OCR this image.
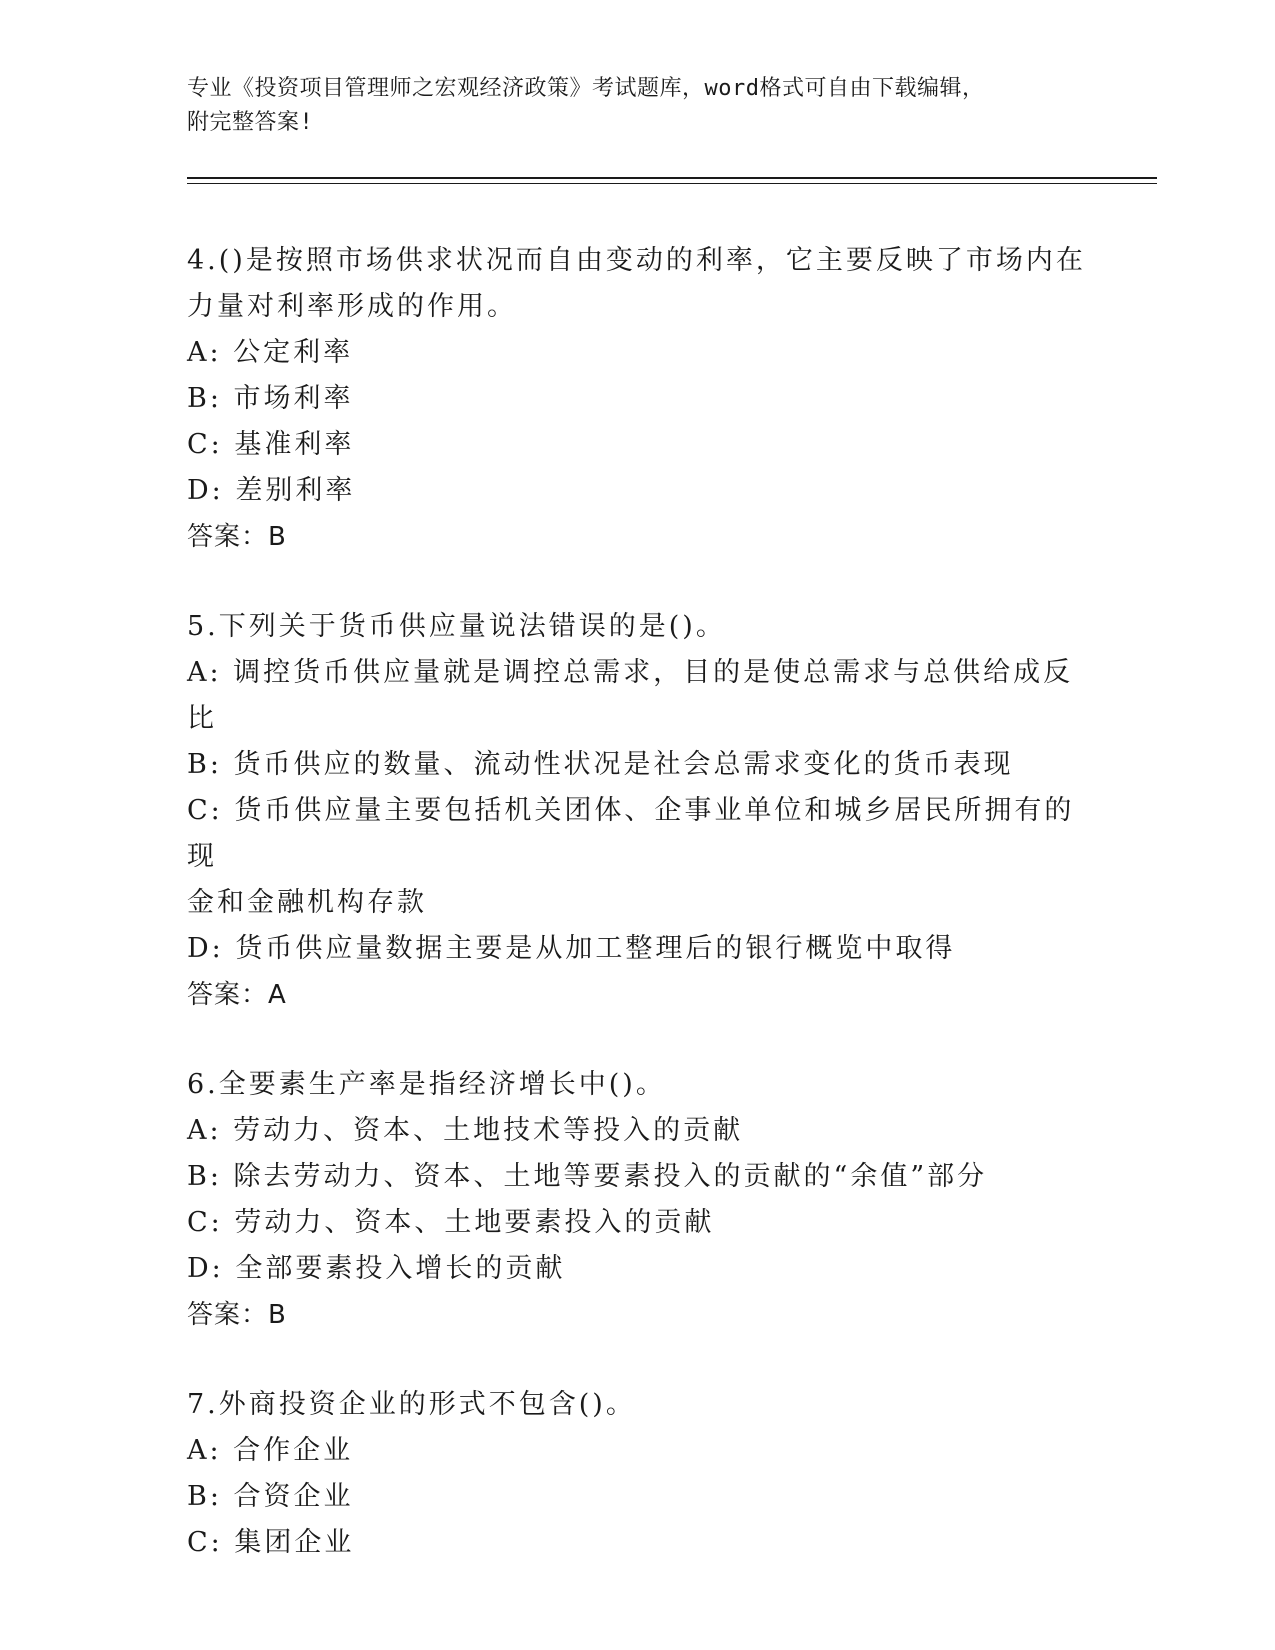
专业《投资项目管理师之宏观经济政策》考试题库，word格式可自由下载编辑，

附完整答案!

4.()是按照市场供求状况而自由变动的利率，它主要反映了市场内在

力量对利率形成的作用。

A: 公定利率

B: 市场利率

C: 基准利率

D: 差别利率

答案：B

5.下列关于货币供应量说法错误的是()。

A: 调控货币供应量就是调控总需求，目的是使总需求与总供给成反比

B: 货币供应的数量、流动性状况是社会总需求变化的货币表现

C: 货币供应量主要包括机关团体、企事业单位和城乡居民所拥有的现

金和金融机构存款

D: 货币供应量数据主要是从加工整理后的银行概览中取得

答案：A

6.全要素生产率是指经济增长中()。

A: 劳动力、资本、土地技术等投入的贡献

B: 除去劳动力、资本、土地等要素投入的贡献的“余值”部分

C: 劳动力、资本、土地要素投入的贡献

D: 全部要素投入增长的贡献

答案：B

7.外商投资企业的形式不包含()。

A: 合作企业

B: 合资企业

C: 集团企业
